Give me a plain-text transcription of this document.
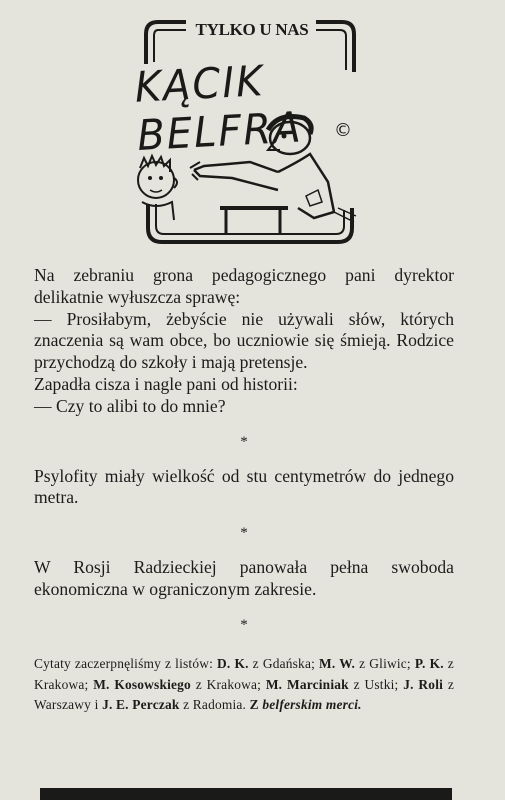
TYLKO U NAS
KĄCIK BELFRA	©

Na zebraniu grona pedagogicznego pani dyrektor delikatnie wyłuszcza sprawę:

— Prosiłabym, żebyście nie używali słów, których znaczenia są wam obce, bo uczniowie się śmieją. Rodzice przychodzą do szkoły i mają pretensje.

Zapadła cisza i nagle pani od historii:

— Czy to alibi to do mnie?

*

Psylofity miały wielkość od stu centymetrów do jednego metra.

*

W Rosji Radzieckiej panowała pełna swoboda ekonomiczna w ograniczonym zakresie.

*
Cytaty zaczerpnęliśmy z listów: D. K. z Gdańska; M. W. z Gliwic; P. K. z Krakowa; M. Kosowskiego z Krakowa; M. Marciniak z Ustki; J. Roli z Warszawy i J. E. Perczak z Radomia. Z belferskim merci.
